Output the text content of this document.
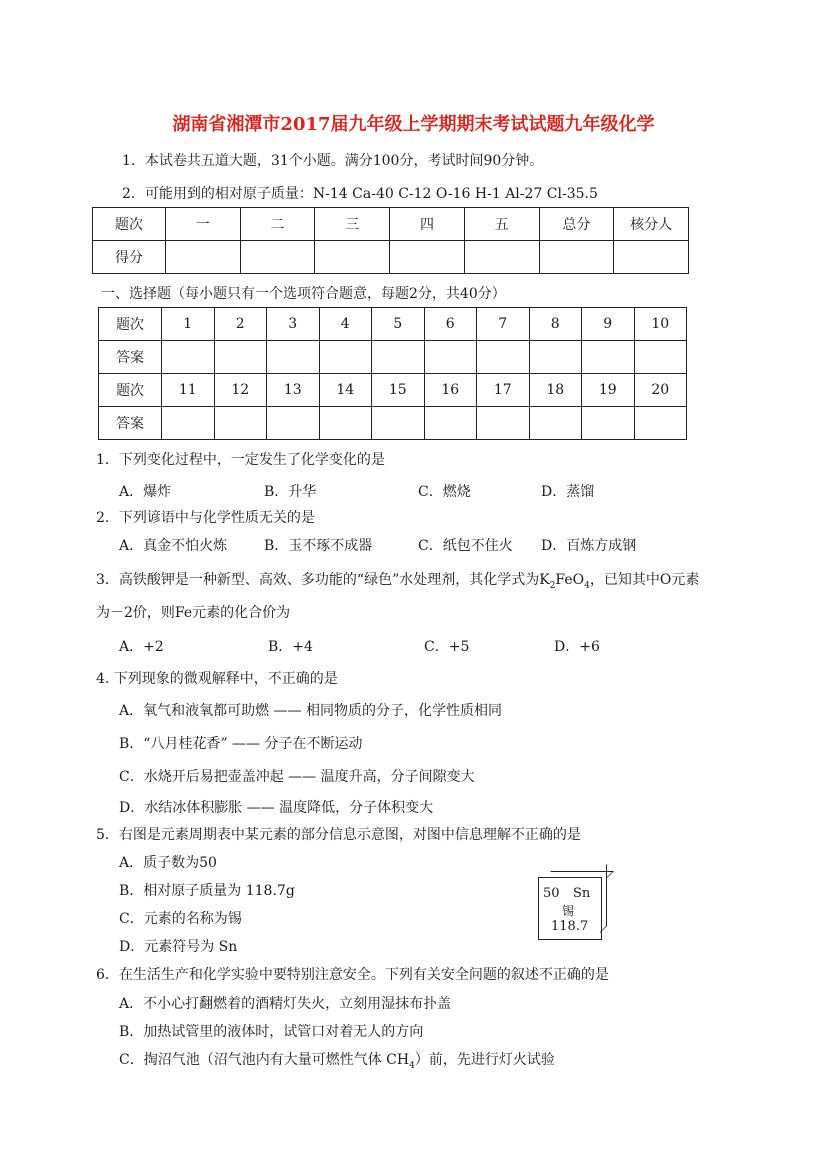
湖南省湘潭市2017届九年级上学期期末考试试题九年级化学
1．本试卷共五道大题，31个小题。满分100分，考试时间90分钟。
2．可能用到的相对原子质量：N-14 Ca-40 C-12 O-16 H-1 Al-27 Cl-35.5
题次	一	二	三	四	五	总分	核分人
得分							
一、选择题（每小题只有一个选项符合题意，每题2分，共40分）
题次	1	2	3	4	5	6	7	8	9	10
答案										
题次	11	12	13	14	15	16	17	18	19	20
答案										
1．下列变化过程中，一定发生了化学变化的是
A．爆炸	B．升华	C．燃烧	D．蒸馏
2．下列谚语中与化学性质无关的是
A．真金不怕火炼	B．玉不琢不成器	C．纸包不住火 D．百炼方成钢
3．高铁酸钾是一种新型、高效、多功能的“绿色”水处理剂，其化学式为$K_2FeO_4$，已知其中O元素
为－2价，则Fe元素的化合价为
A．+2	B．+4	C．+5	D．+6
4. 下列现象的微观解释中，不正确的是
A．氧气和液氧都可助燃 —— 相同物质的分子，化学性质相同
B．“八月桂花香” —— 分子在不断运动
C．水烧开后易把壶盖冲起 —— 温度升高，分子间隙变大
D．水结冰体积膨胀 —— 温度降低，分子体积变大
5．右图是元素周期表中某元素的部分信息示意图，对图中信息理解不正确的是
A．质子数为50
B．相对原子质量为 118.7g
C．元素的名称为锡
D．元素符号为 Sn
50 Sn
锡
118.7
6．在生活生产和化学实验中要特别注意安全。下列有关安全问题的叙述不正确的是
A．不小心打翻燃着的酒精灯失火，立刻用湿抹布扑盖
B．加热试管里的液体时，试管口对着无人的方向
C．掏沼气池（沼气池内有大量可燃性气体 $CH_4$）前，先进行灯火试验
